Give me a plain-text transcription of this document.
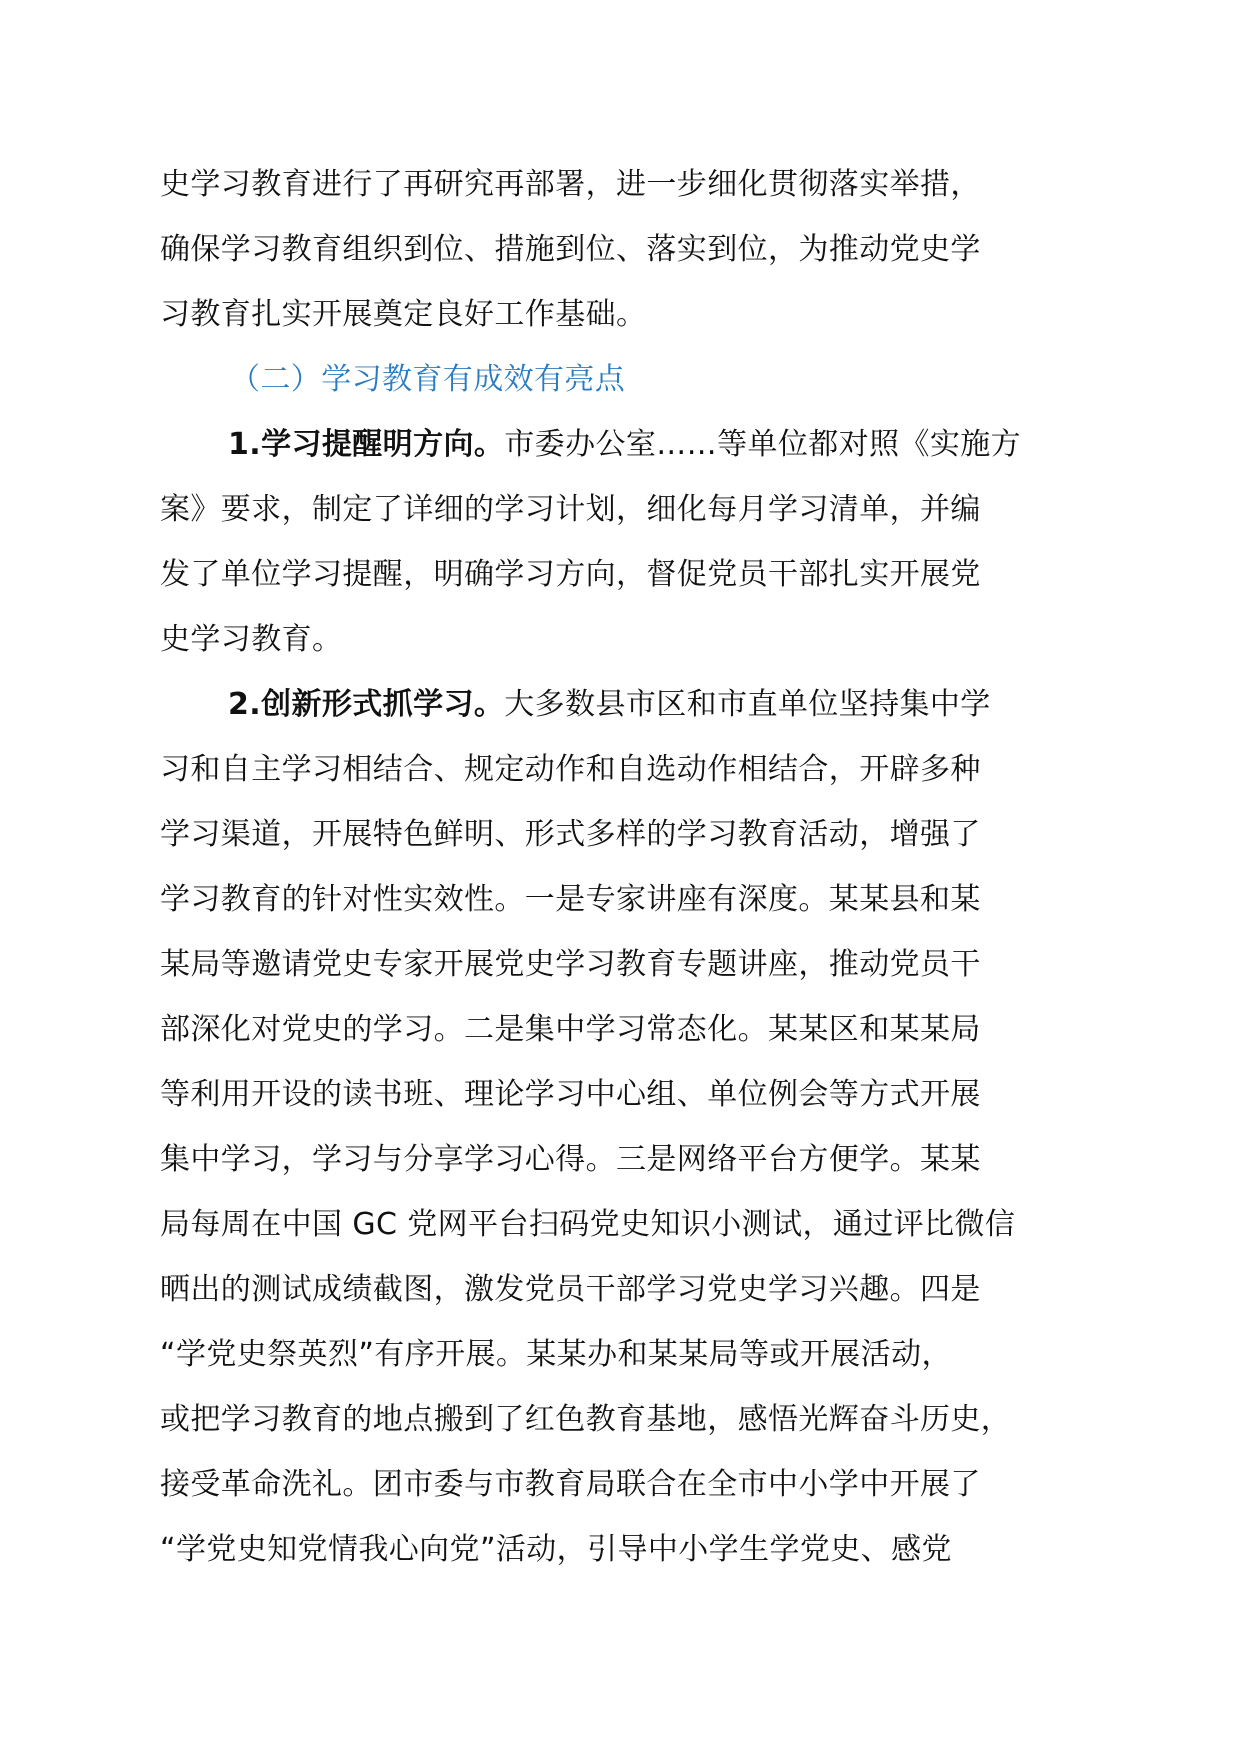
史学习教育进行了再研究再部署，进一步细化贯彻落实举措，
确保学习教育组织到位、措施到位、落实到位，为推动党史学
习教育扎实开展奠定良好工作基础。
（二）学习教育有成效有亮点
1.学习提醒明方向。市委办公室……等单位都对照《实施方
案》要求，制定了详细的学习计划，细化每月学习清单，并编
发了单位学习提醒，明确学习方向，督促党员干部扎实开展党
史学习教育。
2.创新形式抓学习。大多数县市区和市直单位坚持集中学
习和自主学习相结合、规定动作和自选动作相结合，开辟多种
学习渠道，开展特色鲜明、形式多样的学习教育活动，增强了
学习教育的针对性实效性。一是专家讲座有深度。某某县和某
某局等邀请党史专家开展党史学习教育专题讲座，推动党员干
部深化对党史的学习。二是集中学习常态化。某某区和某某局
等利用开设的读书班、理论学习中心组、单位例会等方式开展
集中学习，学习与分享学习心得。三是网络平台方便学。某某
局每周在中国 GC 党网平台扫码党史知识小测试，通过评比微信
晒出的测试成绩截图，激发党员干部学习党史学习兴趣。四是
“学党史祭英烈”有序开展。某某办和某某局等或开展活动，
或把学习教育的地点搬到了红色教育基地，感悟光辉奋斗历史，
接受革命洗礼。团市委与市教育局联合在全市中小学中开展了
“学党史知党情我心向党”活动，引导中小学生学党史、感党
